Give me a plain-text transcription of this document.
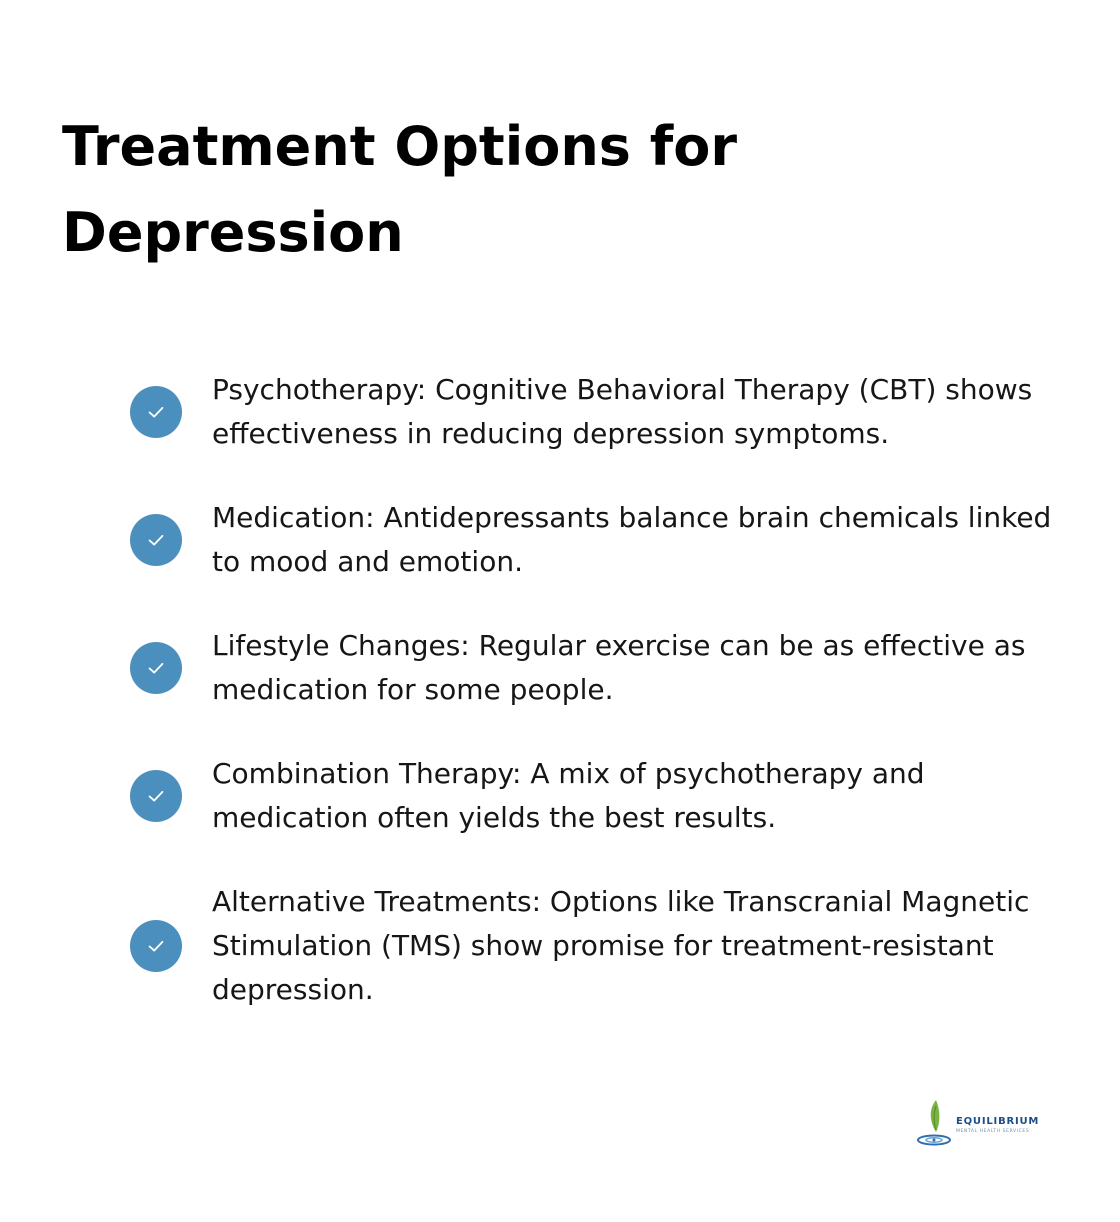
Treatment Options for Depression

Psychotherapy: Cognitive Behavioral Therapy (CBT) shows effectiveness in reducing depression symptoms.

Medication: Antidepressants balance brain chemicals linked to mood and emotion.

Lifestyle Changes: Regular exercise can be as effective as medication for some people.

Combination Therapy: A mix of psychotherapy and medication often yields the best results.

Alternative Treatments: Options like Transcranial Magnetic Stimulation (TMS) show promise for treatment-resistant depression.

EQUILIBRIUM
MENTAL HEALTH SERVICES
